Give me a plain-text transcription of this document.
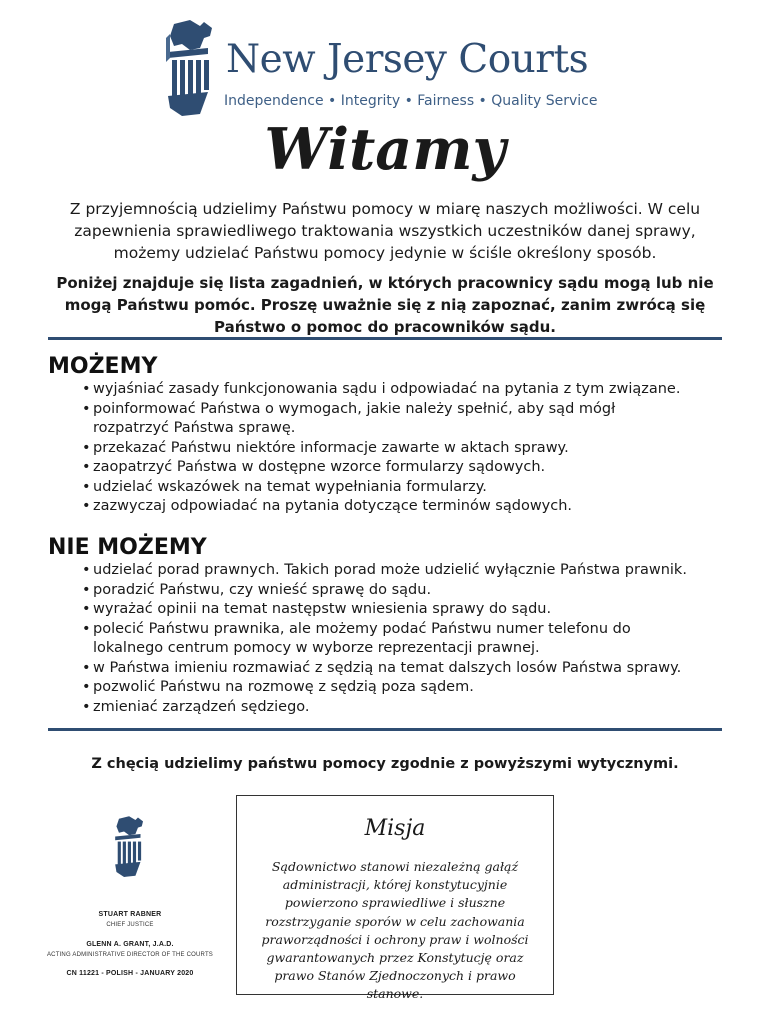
New Jersey Courts
Independence • Integrity • Fairness • Quality Service
Witamy
Z przyjemnością udzielimy Państwu pomocy w miarę naszych możliwości. W celu zapewnienia sprawiedliwego traktowania wszystkich uczestników danej sprawy, możemy udzielać Państwu pomocy jedynie w ściśle określony sposób.
Poniżej znajduje się lista zagadnień, w których pracownicy sądu mogą lub nie mogą Państwu pomóc. Proszę uważnie się z nią zapoznać, zanim zwrócą się Państwo o pomoc do pracowników sądu.
MOŻEMY
• wyjaśniać zasady funkcjonowania sądu i odpowiadać na pytania z tym związane.
• poinformować Państwa o wymogach, jakie należy spełnić, aby sąd mógł rozpatrzyć Państwa sprawę.
• przekazać Państwu niektóre informacje zawarte w aktach sprawy.
• zaopatrzyć Państwa w dostępne wzorce formularzy sądowych.
• udzielać wskazówek na temat wypełniania formularzy.
• zazwyczaj odpowiadać na pytania dotyczące terminów sądowych.
NIE MOŻEMY
• udzielać porad prawnych. Takich porad może udzielić wyłącznie Państwa prawnik.
• poradzić Państwu, czy wnieść sprawę do sądu.
• wyrażać opinii na temat następstw wniesienia sprawy do sądu.
• polecić Państwu prawnika, ale możemy podać Państwu numer telefonu do lokalnego centrum pomocy w wyborze reprezentacji prawnej.
• w Państwa imieniu rozmawiać z sędzią na temat dalszych losów Państwa sprawy.
• pozwolić Państwu na rozmowę z sędzią poza sądem.
• zmieniać zarządzeń sędziego.
Z chęcią udzielimy państwu pomocy zgodnie z powyższymi wytycznymi.
STUART RABNER
CHIEF JUSTICE
GLENN A. GRANT, J.A.D.
ACTING ADMINISTRATIVE DIRECTOR OF THE COURTS
CN 11221 - POLISH - JANUARY 2020
Misja
Sądownictwo stanowi niezależną gałąź administracji, której konstytucyjnie powierzono sprawiedliwe i słuszne rozstrzyganie sporów w celu zachowania praworządności i ochrony praw i wolności gwarantowanych przez Konstytucję oraz prawo Stanów Zjednoczonych i prawo stanowe.
